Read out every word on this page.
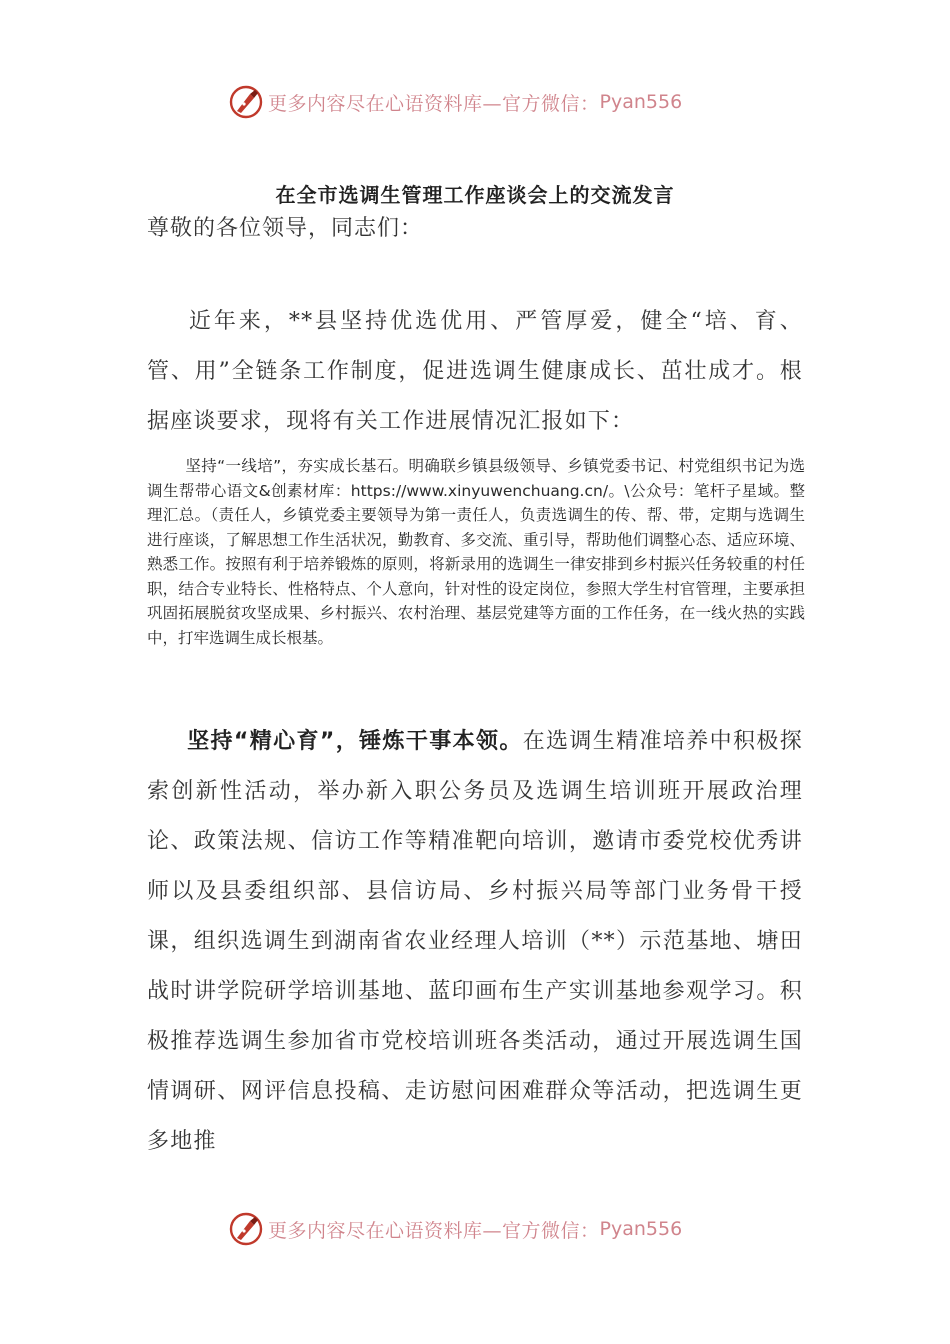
更多内容尽在心语资料库—官方微信： Pyan556
在全市选调生管理工作座谈会上的交流发言
尊敬的各位领导，同志们：

近年来，**县坚持优选优用、严管厚爱，健全“培、育、管、用”全链条工作制度，促进选调生健康成长、茁壮成才。根据座谈要求，现将有关工作进展情况汇报如下：

坚持“一线培”，夯实成长基石。明确联乡镇县级领导、乡镇党委书记、村党组织书记为选调生帮带心语文&创素材库：https://www.xinyuwenchuang.cn/。\公众号：笔杆子星域。整理汇总。（责任人，乡镇党委主要领导为第一责任人，负责选调生的传、帮、带，定期与选调生进行座谈，了解思想工作生活状况，勤教育、多交流、重引导，帮助他们调整心态、适应环境、熟悉工作。按照有利于培养锻炼的原则，将新录用的选调生一律安排到乡村振兴任务较重的村任职，结合专业特长、性格特点、个人意向，针对性的设定岗位，参照大学生村官管理，主要承担巩固拓展脱贫攻坚成果、乡村振兴、农村治理、基层党建等方面的工作任务，在一线火热的实践中，打牢选调生成长根基。

坚持“精心育”，锤炼干事本领。在选调生精准培养中积极探索创新性活动，举办新入职公务员及选调生培训班开展政治理论、政策法规、信访工作等精准靶向培训，邀请市委党校优秀讲师以及县委组织部、县信访局、乡村振兴局等部门业务骨干授课，组织选调生到湖南省农业经理人培训（**）示范基地、塘田战时讲学院研学培训基地、蓝印画布生产实训基地参观学习。积极推荐选调生参加省市党校培训班各类活动，通过开展选调生国情调研、网评信息投稿、走访慰问困难群众等活动，把选调生更多地推

更多内容尽在心语资料库—官方微信： Pyan556
